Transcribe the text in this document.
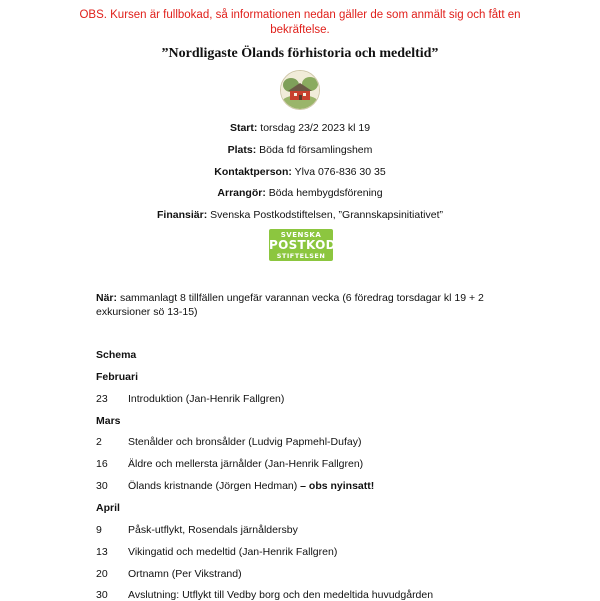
OBS. Kursen är fullbokad, så informationen nedan gäller de som anmält sig och fått en bekräftelse.
”Nordligaste Ölands förhistoria och medeltid”
Start: torsdag 23/2 2023 kl 19
Plats: Böda fd församlingshem
Kontaktperson: Ylva 076-836 30 35
Arrangör: Böda hembygdsförening
Finansiär: Svenska Postkodstiftelsen, ”Grannskapsinitiativet”
SVENSKA
POSTKOD
STIFTELSEN
När: sammanlagt 8 tillfällen ungefär varannan vecka (6 föredrag torsdagar kl 19 + 2 exkursioner sö 13-15)
Schema
Februari
23	Introduktion (Jan-Henrik Fallgren)
Mars
2	Stenålder och bronsålder (Ludvig Papmehl-Dufay)
16	Äldre och mellersta järnålder (Jan-Henrik Fallgren)
30	Ölands kristnande (Jörgen Hedman) – obs nyinsatt!
April
9	Påsk-utflykt, Rosendals järnåldersby
13	Vikingatid och medeltid (Jan-Henrik Fallgren)
20	Ortnamn (Per Vikstrand)
30	Avslutning: Utflykt till Vedby borg och den medeltida huvudgården
